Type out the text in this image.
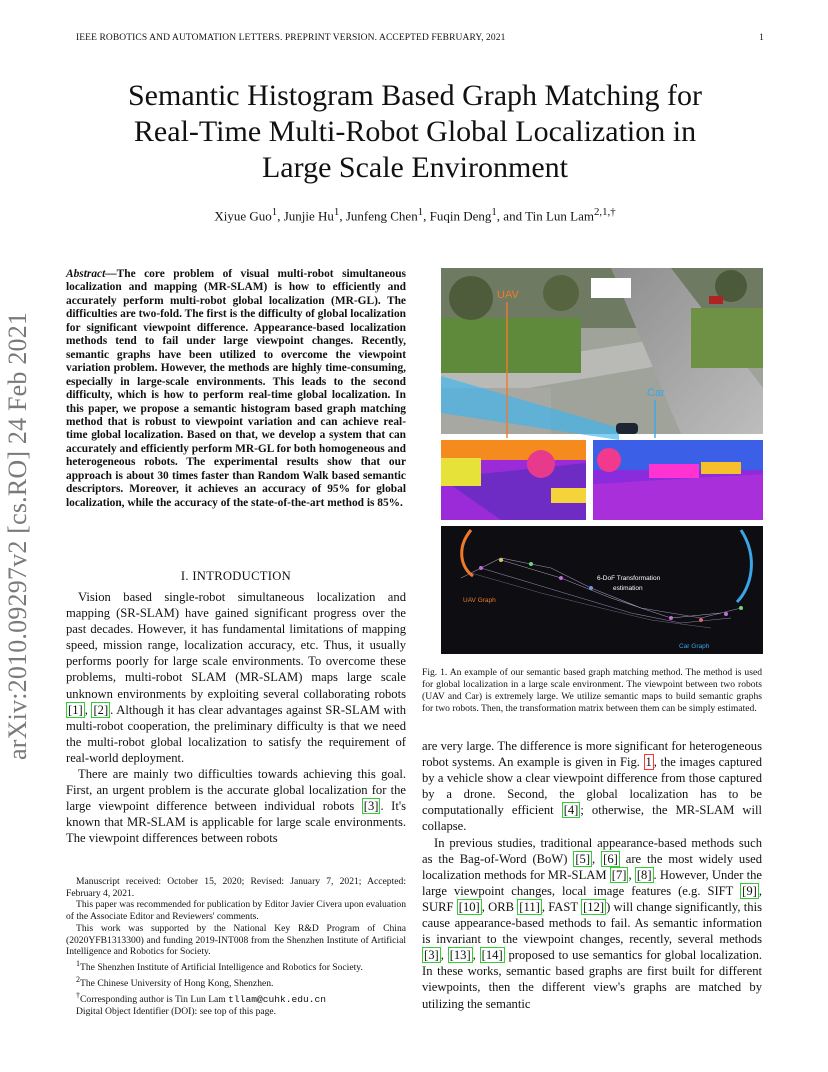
IEEE ROBOTICS AND AUTOMATION LETTERS. PREPRINT VERSION. ACCEPTED FEBRUARY, 2021	1
arXiv:2010.09297v2 [cs.RO] 24 Feb 2021
Semantic Histogram Based Graph Matching for
Real-Time Multi-Robot Global Localization in
Large Scale Environment
Xiyue Guo$^1$, Junjie Hu$^1$, Junfeng Chen$^1$, Fuqin Deng$^1$, and Tin Lun Lam$^{2,1,\dagger}$
Abstract—The core problem of visual multi-robot simultaneous localization and mapping (MR-SLAM) is how to efficiently and accurately perform multi-robot global localization (MR-GL). The difficulties are two-fold. The first is the difficulty of global localization for significant viewpoint difference. Appearance-based localization methods tend to fail under large viewpoint changes. Recently, semantic graphs have been utilized to overcome the viewpoint variation problem. However, the methods are highly time-consuming, especially in large-scale environments. This leads to the second difficulty, which is how to perform real-time global localization. In this paper, we propose a semantic histogram based graph matching method that is robust to viewpoint variation and can achieve real-time global localization. Based on that, we develop a system that can accurately and efficiently perform MR-GL for both homogeneous and heterogeneous robots. The experimental results show that our approach is about 30 times faster than Random Walk based semantic descriptors. Moreover, it achieves an accuracy of 95% for global localization, while the accuracy of the state-of-the-art method is 85%.
I. INTRODUCTION

Vision based single-robot simultaneous localization and mapping (SR-SLAM) have gained significant progress over the past decades. However, it has fundamental limitations of mapping speed, mission range, localization accuracy, etc. Thus, it usually performs poorly for large scale environments. To overcome these problems, multi-robot SLAM (MR-SLAM) maps large scale unknown environments by exploiting several collaborating robots [1] , [2] . Although it has clear advantages against SR-SLAM with multi-robot cooperation, the preliminary difficulty is that we need the multi-robot global localization to satisfy the requirement of real-world deployment.

There are mainly two difficulties towards achieving this goal. First, an urgent problem is the accurate global localization for the large viewpoint difference between individual robots [3] . It's known that MR-SLAM is applicable for large scale environments. The viewpoint differences between robots

Manuscript received: October 15, 2020; Revised: January 7, 2021; Accepted: February 4, 2021.

This paper was recommended for publication by Editor Javier Civera upon evaluation of the Associate Editor and Reviewers' comments.

This work was supported by the National Key R&D Program of China (2020YFB1313300) and funding 2019-INT008 from the Shenzhen Institute of Artificial Intelligence and Robotics for Society.

$^1$The Shenzhen Institute of Artificial Intelligence and Robotics for Society.

$^2$The Chinese University of Hong Kong, Shenzhen.

†Corresponding author is Tin Lun Lam tllam@cuhk.edu.cn

Digital Object Identifier (DOI): see top of this page.

UAV
Car
UAV Graph
Car Graph
6-DoF Transformation
estimation
Fig. 1. An example of our semantic based graph matching method. The method is used for global localization in a large scale environment. The viewpoint between two robots (UAV and Car) is extremely large. We utilize semantic maps to build semantic graphs for two robots. Then, the transformation matrix between them can be simply estimated.

are very large. The difference is more significant for heterogeneous robot systems. An example is given in Fig. 1 , the images captured by a vehicle show a clear viewpoint difference from those captured by a drone. Second, the global localization has to be computationally efficient [4] ; otherwise, the MR-SLAM will collapse.

In previous studies, traditional appearance-based methods such as the Bag-of-Word (BoW) [5] , [6] are the most widely used localization methods for MR-SLAM [7] , [8] . However, Under the large viewpoint changes, local image features (e.g. SIFT [9] , SURF [10] , ORB [11] , FAST [12] ) will change significantly, this cause appearance-based methods to fail. As semantic information is invariant to the viewpoint changes, recently, several methods [3] , [13] , [14] proposed to use semantics for global localization. In these works, semantic based graphs are first built for different viewpoints, then the different view's graphs are matched by utilizing the semantic
